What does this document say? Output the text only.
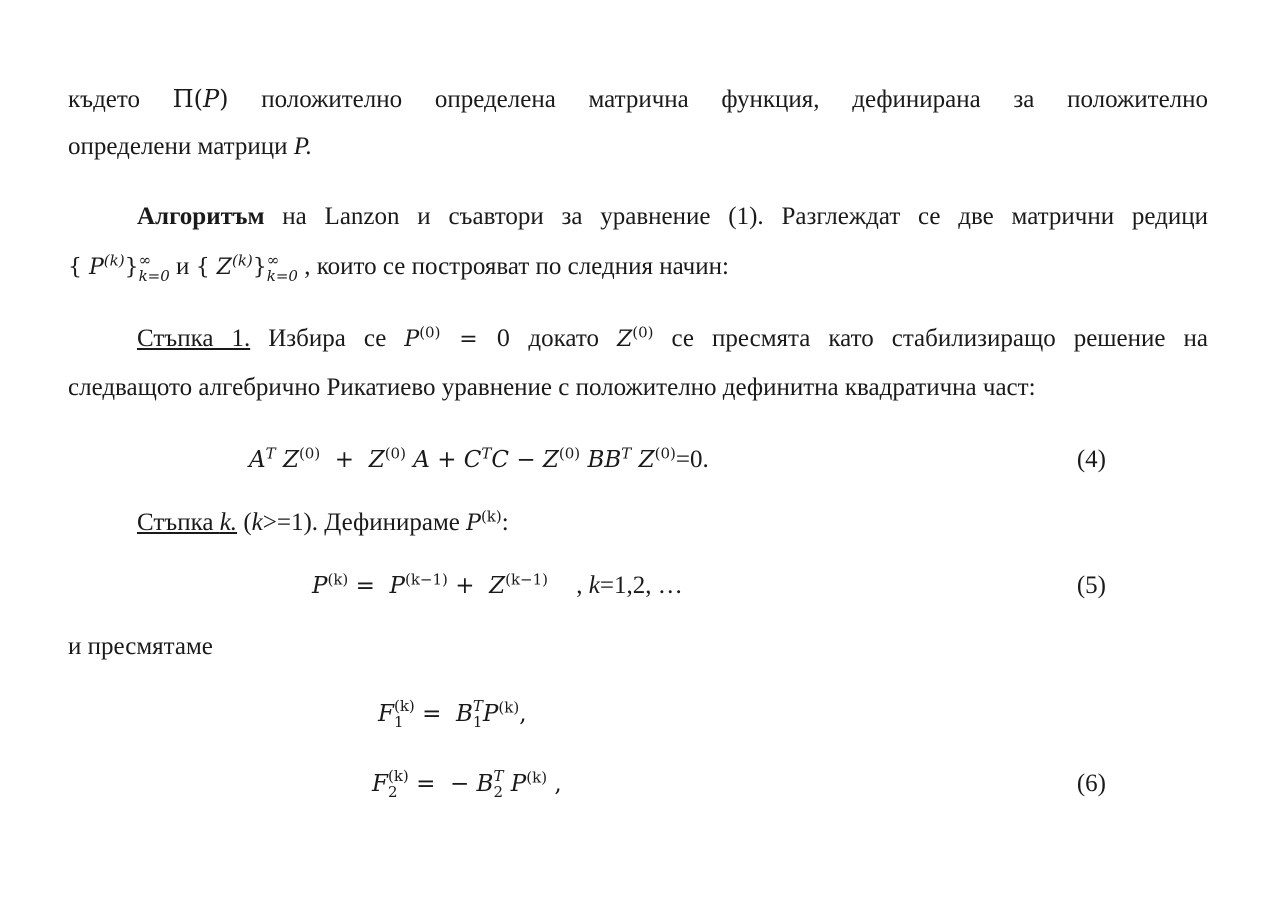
където Π(P) положително определена матрична функция, дефинирана за положително
определени матрици P.
Алгоритъм на Lanzon и съавтори за уравнение (1). Разглеждат се две матрични редици
{ $P^{(k)}$} ∞
k=0 и { $Z^{(k)}$} ∞
k=0 , които се построяват по следния начин:
Стъпка 1. Избира се $P^{(0)} = 0$ докато $Z^{(0)}$ се пресмята като стабилизиращо решение на
следващото алгебрично Рикатиево уравнение с положително дефинитна квадратична част:
$A^T$ $Z^{(0)} + Z^{(0)}$ $A + C^TC - Z^{(0)}$ $BB^T$ $Z^{(0)}=0$.	(4)
Стъпка k. (k>=1). Дефинираме $P^{(k)}$:
$P^{(k)} = P^{(k-1)} + Z^{(k-1)}$ , k=1,2, …	(5)
и пресмятаме
F (k)
1 =  B T
1 $P^{(k)}$,
F (k)
2 =  − B T
2 $P^{(k)}$ ,	(6)
